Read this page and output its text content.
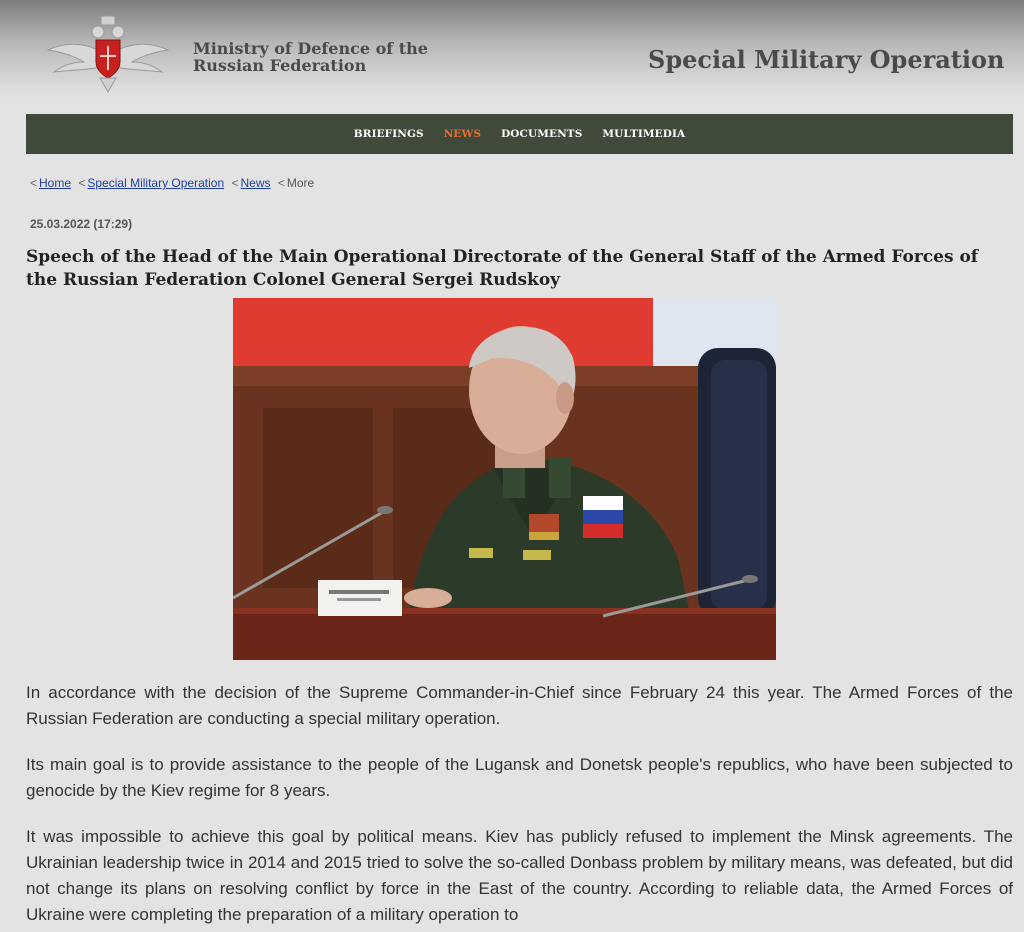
Ministry of Defence of the
Russian Federation	Special Military Operation
BRIEFINGS NEWS DOCUMENTS MULTIMEDIA
< Home < Special Military Operation < News < More
25.03.2022 (17:29)
Speech of the Head of the Main Operational Directorate of the General Staff of the Armed Forces of the Russian Federation Colonel General Sergei Rudskoy

In accordance with the decision of the Supreme Commander-in-Chief since February 24 this year. The Armed Forces of the Russian Federation are conducting a special military operation.

Its main goal is to provide assistance to the people of the Lugansk and Donetsk people's republics, who have been subjected to genocide by the Kiev regime for 8 years.

It was impossible to achieve this goal by political means. Kiev has publicly refused to implement the Minsk agreements. The Ukrainian leadership twice in 2014 and 2015 tried to solve the so-called Donbass problem by military means, was defeated, but did not change its plans on resolving conflict by force in the East of the country. According to reliable data, the Armed Forces of Ukraine were completing the preparation of a military operation to
